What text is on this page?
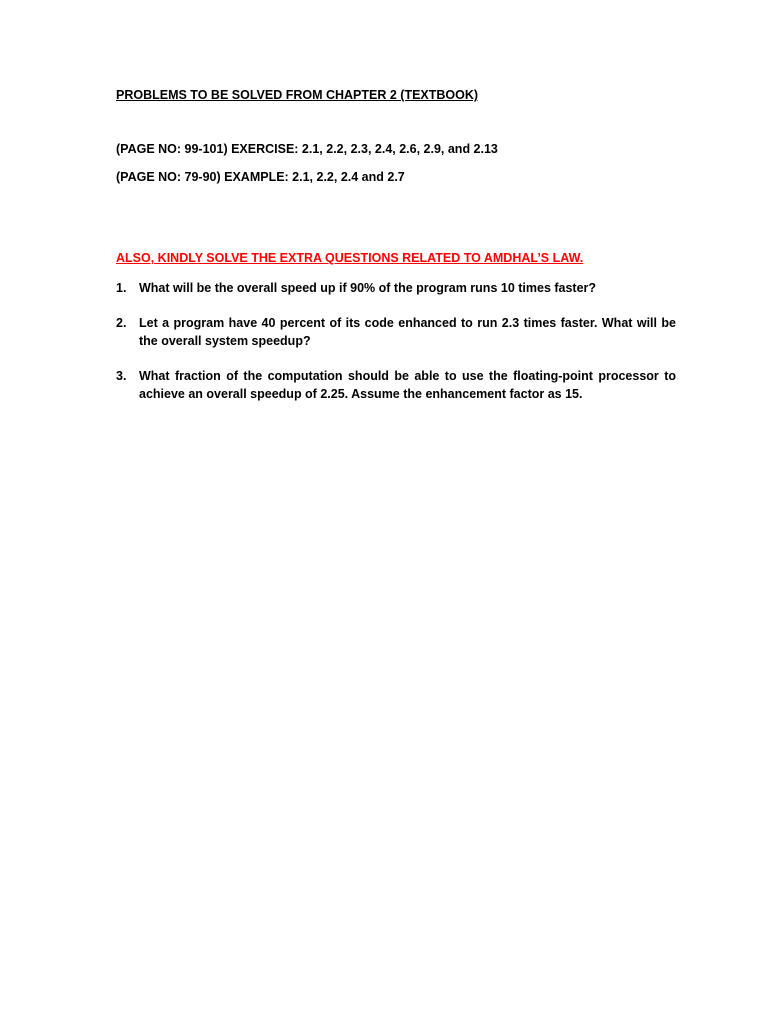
PROBLEMS TO BE SOLVED FROM CHAPTER 2 (TEXTBOOK)
(PAGE NO: 99-101) EXERCISE: 2.1, 2.2, 2.3, 2.4, 2.6, 2.9, and 2.13
(PAGE NO: 79-90) EXAMPLE: 2.1, 2.2, 2.4 and 2.7
ALSO, KINDLY SOLVE THE EXTRA QUESTIONS RELATED TO AMDHAL’S LAW.
1. What will be the overall speed up if 90% of the program runs 10 times faster?
2. Let a program have 40 percent of its code enhanced to run 2.3 times faster. What will be the overall system speedup?
3. What fraction of the computation should be able to use the floating-point processor to achieve an overall speedup of 2.25. Assume the enhancement factor as 15.
